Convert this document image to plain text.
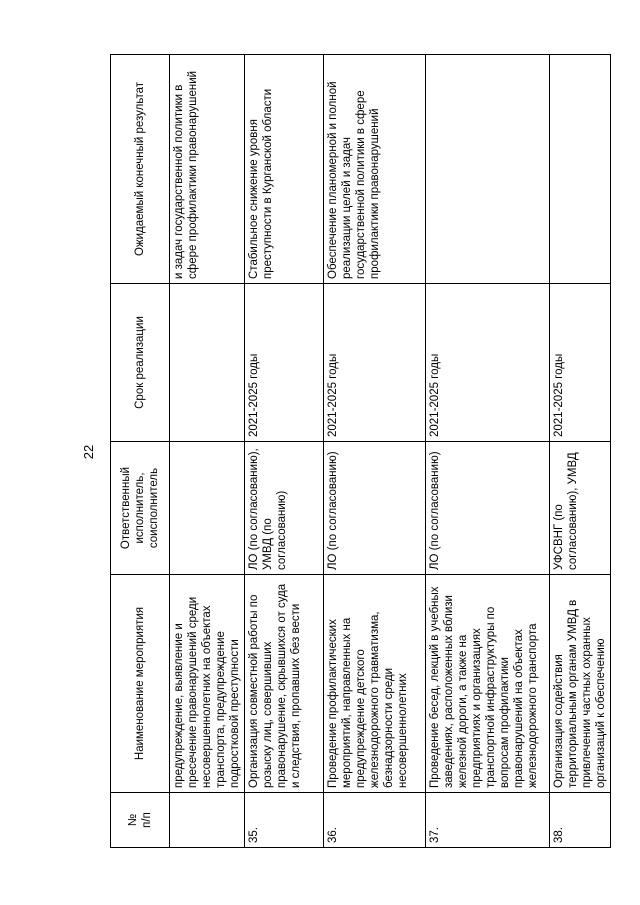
22
№
п/п	Наименование мероприятия	Ответственный исполнитель, соисполнитель	Срок реализации	Ожидаемый конечный результат
	предупреждение, выявление и пресечение правонарушений среди несовершеннолетних на объектах транспорта, предупреждение подростковой преступности			и задач государственной политики в сфере профилактики правонарушений
35.	Организация совместной работы по розыску лиц, совершивших правонарушение, скрывшихся от суда и следствия, пропавших без вести	ЛО (по согласованию), УМВД (по согласованию)	2021-2025 годы	Стабильное снижение уровня преступности в Курганской области
36.	Проведение профилактических мероприятий, направленных на предупреждение детского железнодорожного травматизма, безнадзорности среди несовершеннолетних	ЛО (по согласованию)	2021-2025 годы	Обеспечение планомерной и полной реализации целей и задач государственной политики в сфере профилактики правонарушений
37.	Проведение бесед, лекций в учебных заведениях, расположенных вблизи железной дороги, а также на предприятиях и организациях транспортной инфраструктуры по вопросам профилактики правонарушений на объектах железнодорожного транспорта	ЛО (по согласованию)	2021-2025 годы	
38.	Организация содействия территориальным органам УМВД в привлечении частных охранных организаций к обеспечению	УФСВНГ (по согласованию), УМВД	2021-2025 годы	
